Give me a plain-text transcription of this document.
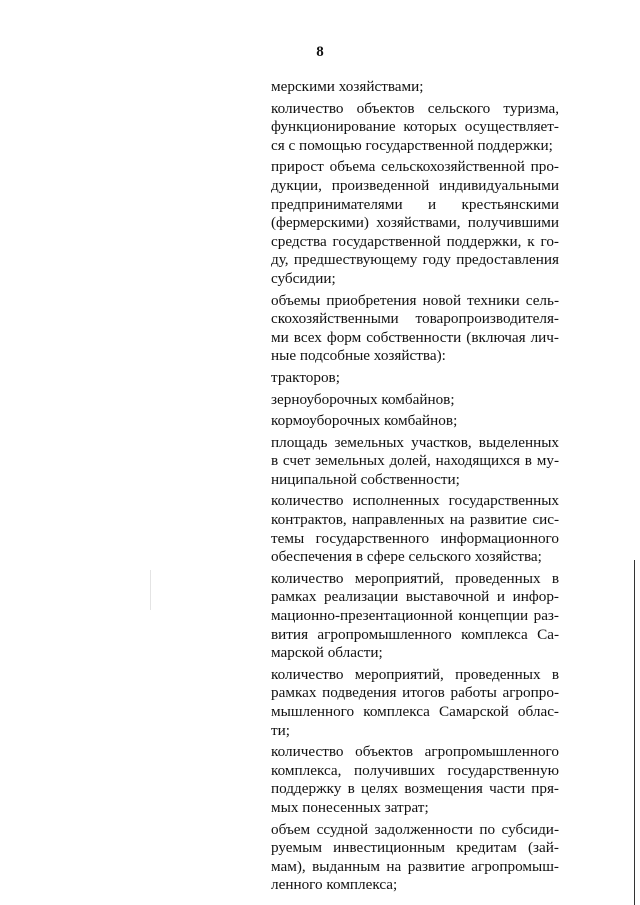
8
мерскими хозяйствами;
количество объектов сельского туризма,
функционирование которых осуществляет-
ся с помощью государственной поддержки;
прирост объема сельскохозяйственной про-
дукции, произведенной индивидуальными
предпринимателями и крестьянскими
(фермерскими) хозяйствами, получившими
средства государственной поддержки, к го-
ду, предшествующему году предоставления
субсидии;
объемы приобретения новой техники сель-
скохозяйственными товаропроизводителя-
ми всех форм собственности (включая лич-
ные подсобные хозяйства):
тракторов;
зерноуборочных комбайнов;
кормоуборочных комбайнов;
площадь земельных участков, выделенных
в счет земельных долей, находящихся в му-
ниципальной собственности;
количество исполненных государственных
контрактов, направленных на развитие сис-
темы государственного информационного
обеспечения в сфере сельского хозяйства;
количество мероприятий, проведенных в
рамках реализации выставочной и инфор-
мационно-презентационной концепции раз-
вития агропромышленного комплекса Са-
марской области;
количество мероприятий, проведенных в
рамках подведения итогов работы агропро-
мышленного комплекса Самарской облас-
ти;
количество объектов агропромышленного
комплекса, получивших государственную
поддержку в целях возмещения части пря-
мых понесенных затрат;
объем ссудной задолженности по субсиди-
руемым инвестиционным кредитам (зай-
мам), выданным на развитие агропромыш-
ленного комплекса;
